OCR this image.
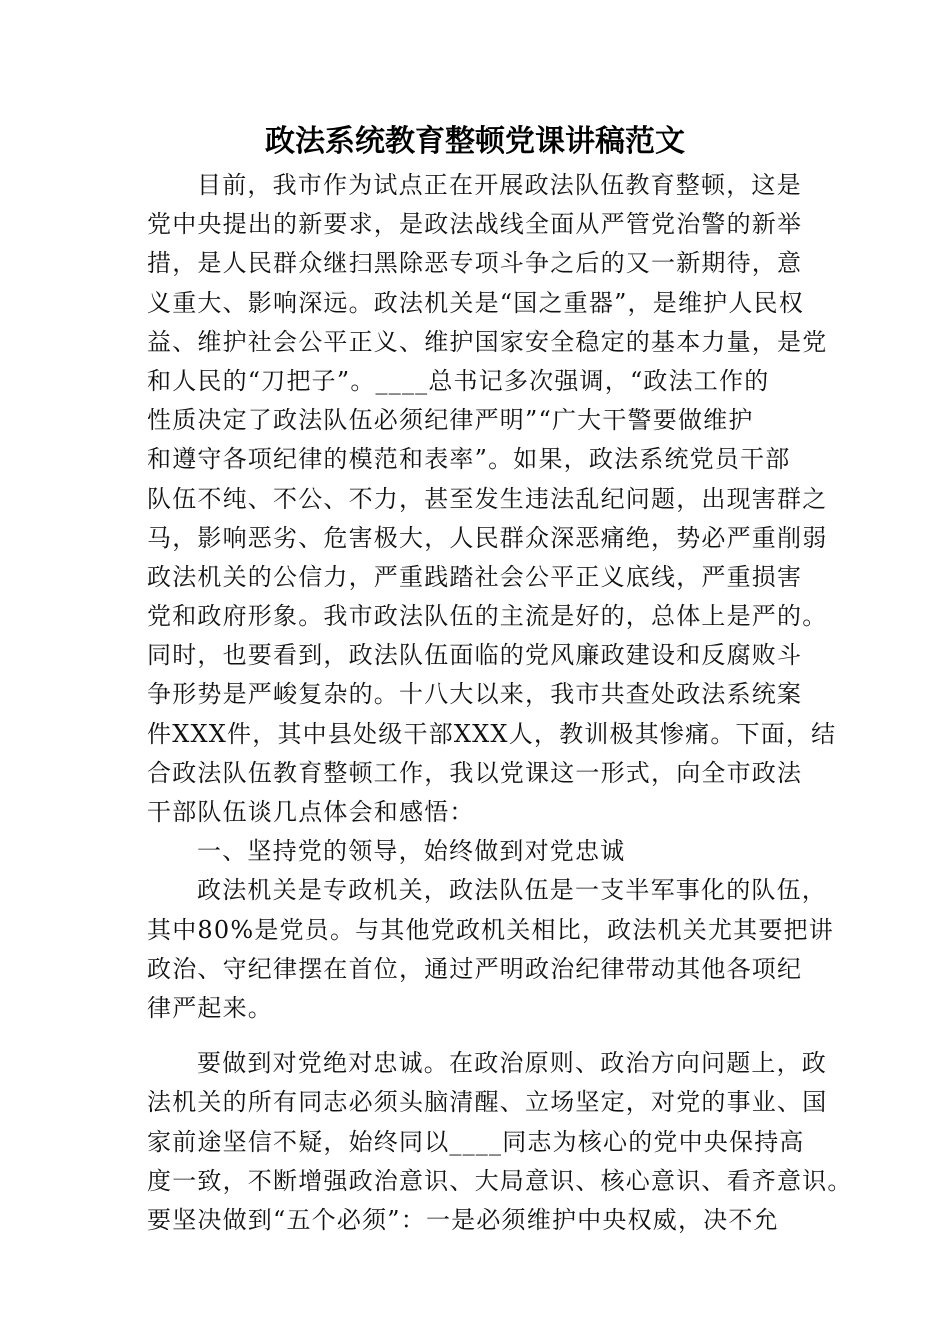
政法系统教育整顿党课讲稿范文
目前，我市作为试点正在开展政法队伍教育整顿，这是
党中央提出的新要求，是政法战线全面从严管党治警的新举
措，是人民群众继扫黑除恶专项斗争之后的又一新期待，意
义重大、影响深远。政法机关是“国之重器”，是维护人民权
益、维护社会公平正义、维护国家安全稳定的基本力量，是党
和人民的“刀把子”。____总书记多次强调，“政法工作的
性质决定了政法队伍必须纪律严明”“广大干警要做维护
和遵守各项纪律的模范和表率”。如果，政法系统党员干部
队伍不纯、不公、不力，甚至发生违法乱纪问题，出现害群之
马，影响恶劣、危害极大，人民群众深恶痛绝，势必严重削弱
政法机关的公信力，严重践踏社会公平正义底线，严重损害
党和政府形象。我市政法队伍的主流是好的，总体上是严的。
同时，也要看到，政法队伍面临的党风廉政建设和反腐败斗
争形势是严峻复杂的。十八大以来，我市共查处政法系统案
件XXX件，其中县处级干部XXX人，教训极其惨痛。下面，结
合政法队伍教育整顿工作，我以党课这一形式，向全市政法
干部队伍谈几点体会和感悟：
一、坚持党的领导，始终做到对党忠诚
政法机关是专政机关，政法队伍是一支半军事化的队伍，
其中80%是党员。与其他党政机关相比，政法机关尤其要把讲
政治、守纪律摆在首位，通过严明政治纪律带动其他各项纪
律严起来。
要做到对党绝对忠诚。在政治原则、政治方向问题上，政
法机关的所有同志必须头脑清醒、立场坚定，对党的事业、国
家前途坚信不疑，始终同以____同志为核心的党中央保持高
度一致，不断增强政治意识、大局意识、核心意识、看齐意识。
要坚决做到“五个必须”：一是必须维护中央权威，决不允
